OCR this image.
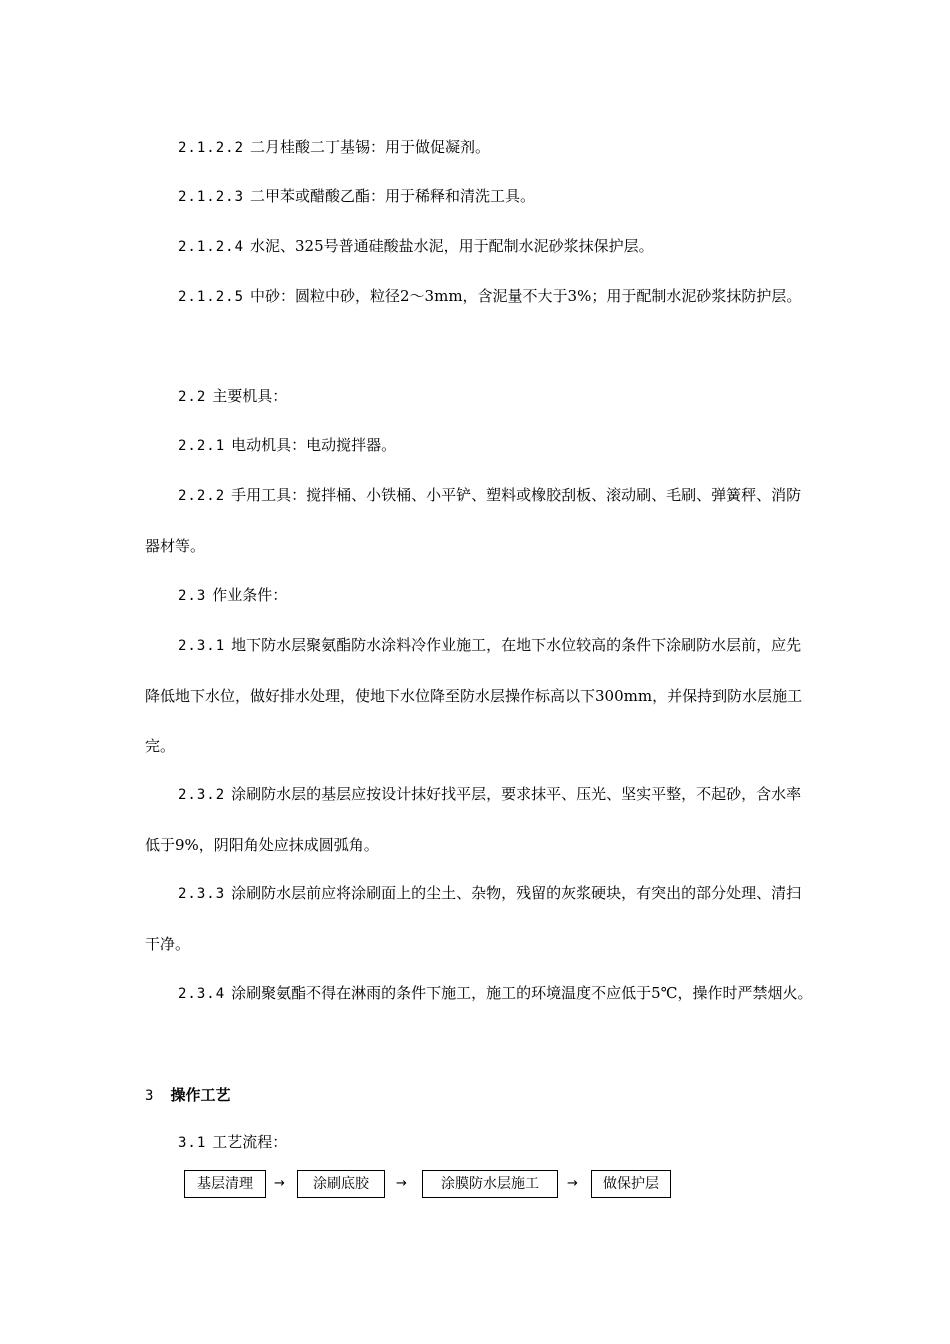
2.1.2.2 二月桂酸二丁基锡：用于做促凝剂。

2.1.2.3 二甲苯或醋酸乙酯：用于稀释和清洗工具。

2.1.2.4 水泥、325号普通硅酸盐水泥，用于配制水泥砂浆抹保护层。

2.1.2.5 中砂：圆粒中砂，粒径2～3mm，含泥量不大于3%；用于配制水泥砂浆抹防护层。

2.2 主要机具：

2.2.1 电动机具：电动搅拌器。

2.2.2 手用工具：搅拌桶、小铁桶、小平铲、塑料或橡胶刮板、滚动刷、毛刷、弹簧秤、消防器材等。

2.3 作业条件：

2.3.1 地下防水层聚氨酯防水涂料冷作业施工，在地下水位较高的条件下涂刷防水层前，应先降低地下水位，做好排水处理，使地下水位降至防水层操作标高以下300mm，并保持到防水层施工完。

2.3.2 涂刷防水层的基层应按设计抹好找平层，要求抹平、压光、坚实平整，不起砂，含水率低于9%，阴阳角处应抹成圆弧角。

2.3.3 涂刷防水层前应将涂刷面上的尘土、杂物，残留的灰浆硬块，有突出的部分处理、清扫干净。

2.3.4 涂刷聚氨酯不得在淋雨的条件下施工，施工的环境温度不应低于5℃，操作时严禁烟火。

3 操作工艺

3.1 工艺流程：

基层清理	→	涂刷底胶	→	涂膜防水层施工	→	做保护层
